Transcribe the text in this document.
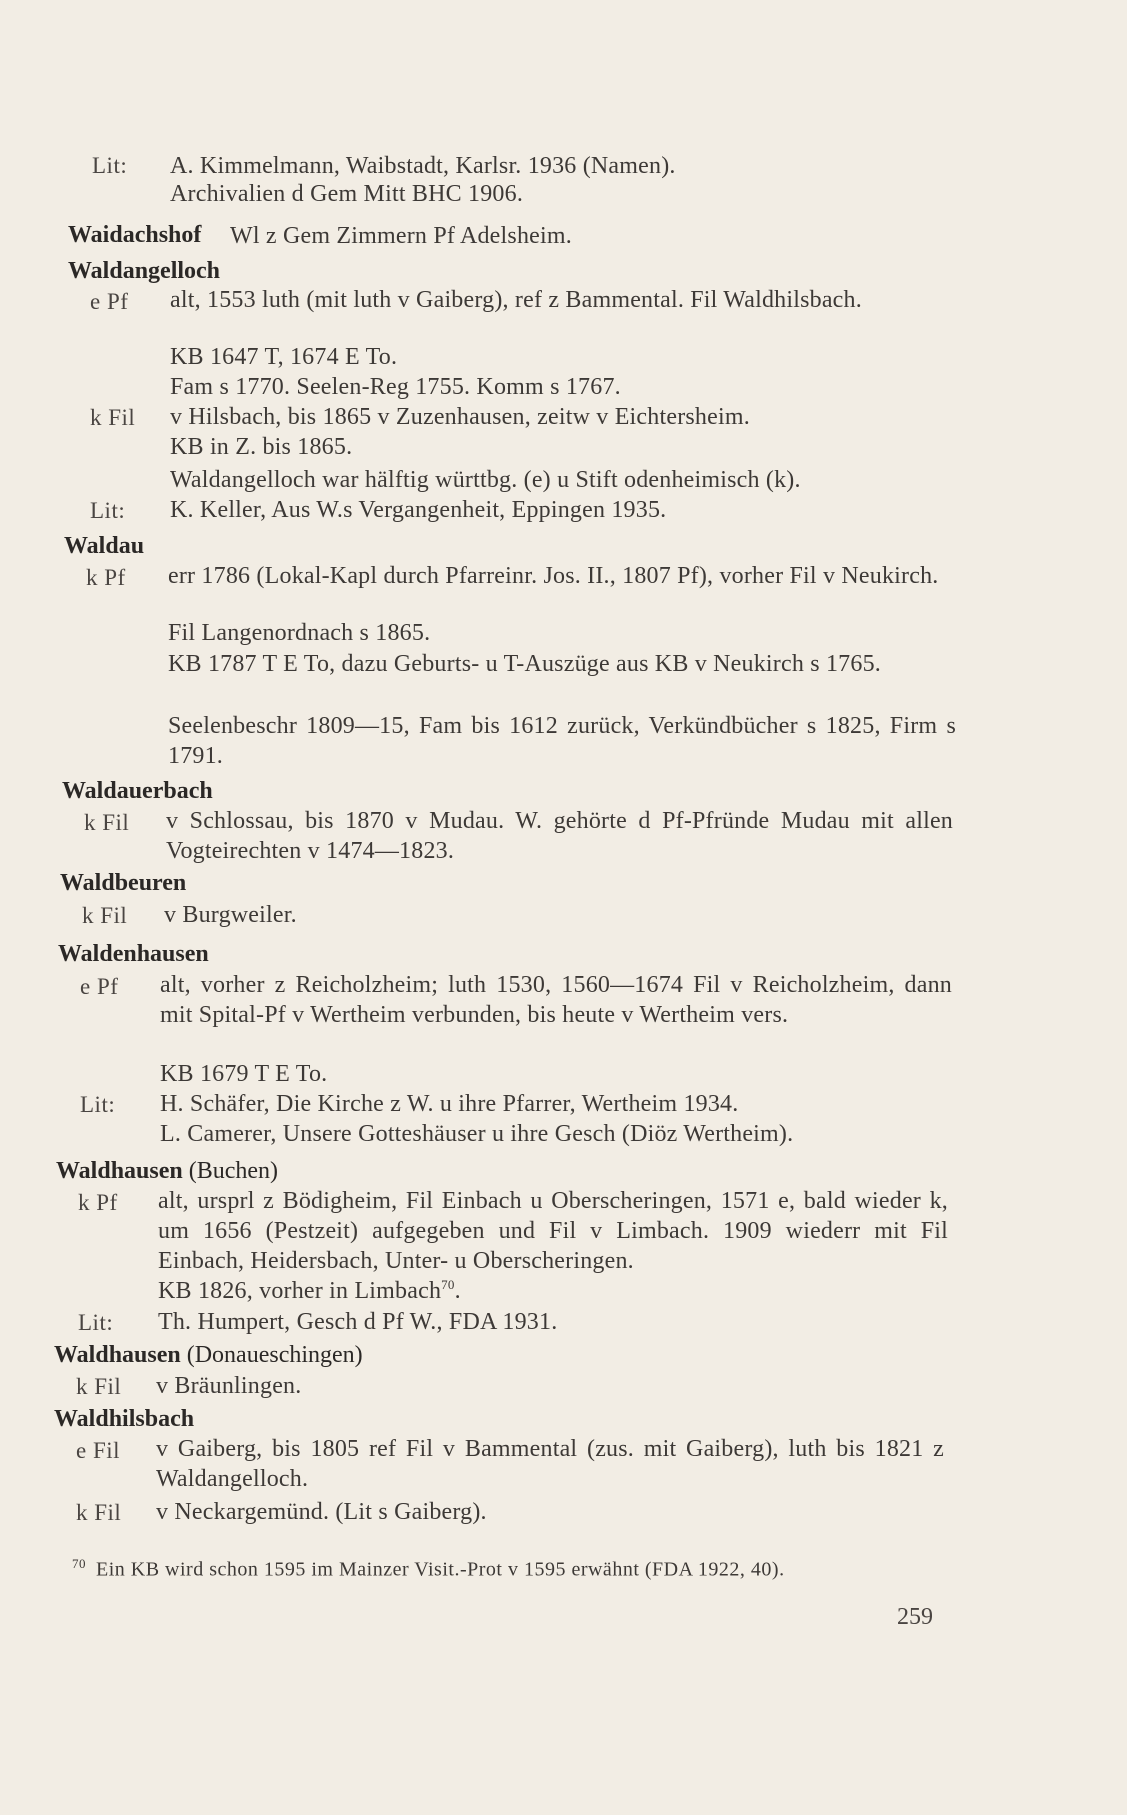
Lit: A. Kimmelmann, Waibstadt, Karlsr. 1936 (Namen).
Archivalien d Gem Mitt BHC 1906.
Waidachshof Wl z Gem Zimmern Pf Adelsheim.
Waldangelloch
e Pf alt, 1553 luth (mit luth v Gaiberg), ref z Bammental. Fil Waldhilsbach.
KB 1647 T, 1674 E To.
Fam s 1770. Seelen-Reg 1755. Komm s 1767.
k Fil v Hilsbach, bis 1865 v Zuzenhausen, zeitw v Eichtersheim.
KB in Z. bis 1865.
Waldangelloch war hälftig württbg. (e) u Stift odenheimisch (k).
Lit: K. Keller, Aus W.s Vergangenheit, Eppingen 1935.
Waldau
k Pf err 1786 (Lokal-Kapl durch Pfarreinr. Jos. II., 1807 Pf), vorher Fil v Neukirch.
Fil Langenordnach s 1865.
KB 1787 T E To, dazu Geburts- u T-Auszüge aus KB v Neukirch s 1765.
Seelenbeschr 1809—15, Fam bis 1612 zurück, Verkündbücher s 1825, Firm s 1791.
Waldauerbach
k Fil v Schlossau, bis 1870 v Mudau. W. gehörte d Pf-Pfründe Mudau mit allen Vogteirechten v 1474—1823.
Waldbeuren
k Fil v Burgweiler.
Waldenhausen
e Pf alt, vorher z Reicholzheim; luth 1530, 1560—1674 Fil v Reicholzheim, dann mit Spital-Pf v Wertheim verbunden, bis heute v Wertheim vers.
KB 1679 T E To.
Lit: H. Schäfer, Die Kirche z W. u ihre Pfarrer, Wertheim 1934.
L. Camerer, Unsere Gotteshäuser u ihre Gesch (Diöz Wertheim).
Waldhausen (Buchen)
k Pf alt, ursprl z Bödigheim, Fil Einbach u Oberscheringen, 1571 e, bald wieder k, um 1656 (Pestzeit) aufgegeben und Fil v Limbach. 1909 wiederr mit Fil Einbach, Heidersbach, Unter- u Oberscheringen.
KB 1826, vorher in Limbach$^{70}$.
Lit: Th. Humpert, Gesch d Pf W., FDA 1931.
Waldhausen (Donaueschingen)
k Fil v Bräunlingen.
Waldhilsbach
e Fil v Gaiberg, bis 1805 ref Fil v Bammental (zus. mit Gaiberg), luth bis 1821 z Waldangelloch.
k Fil v Neckargemünd. (Lit s Gaiberg).
$^{70}$ Ein KB wird schon 1595 im Mainzer Visit.-Prot v 1595 erwähnt (FDA 1922, 40).
259
